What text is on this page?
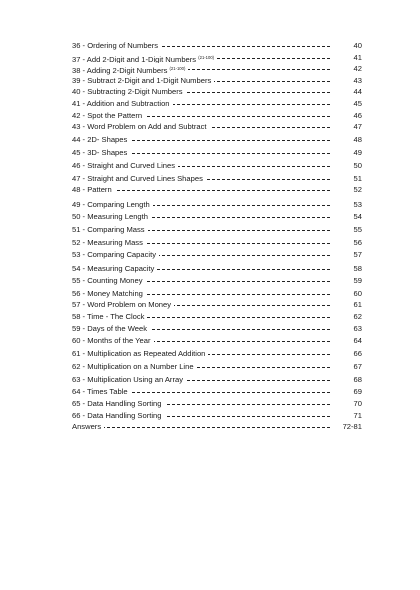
36 - Ordering of Numbers	40
37 - Add 2-Digit and 1-Digit Numbers $^{(21-100)}$	41
38 - Adding 2-Digit Numbers $^{(21-100)}$	42
39 - Subtract 2-Digit and 1-Digit Numbers	43
40 - Subtracting 2-Digit Numbers	44
41 - Addition and Subtraction	45
42 - Spot the Pattern	46
43 - Word Problem on Add and Subtract	47
44 - 2D- Shapes	48
45 - 3D- Shapes	49
46 - Straight and Curved Lines	50
47 - Straight and Curved Lines Shapes	51
48 - Pattern	52
49 - Comparing Length	53
50 - Measuring Length	54
51 - Comparing Mass	55
52 - Measuring Mass	56
53 - Comparing Capacity	57
54 - Measuring Capacity	58
55 - Counting Money	59
56 - Money Matching	60
57 - Word Problem on Money	61
58 - Time - The Clock	62
59 - Days of the Week	63
60 - Months of the Year	64
61 - Multiplication as Repeated Addition	66
62 - Multiplication on a Number Line	67
63 - Multiplication Using an Array	68
64 - Times Table	69
65 - Data Handling Sorting	70
66 - Data Handling Sorting	71
Answers	72-81
